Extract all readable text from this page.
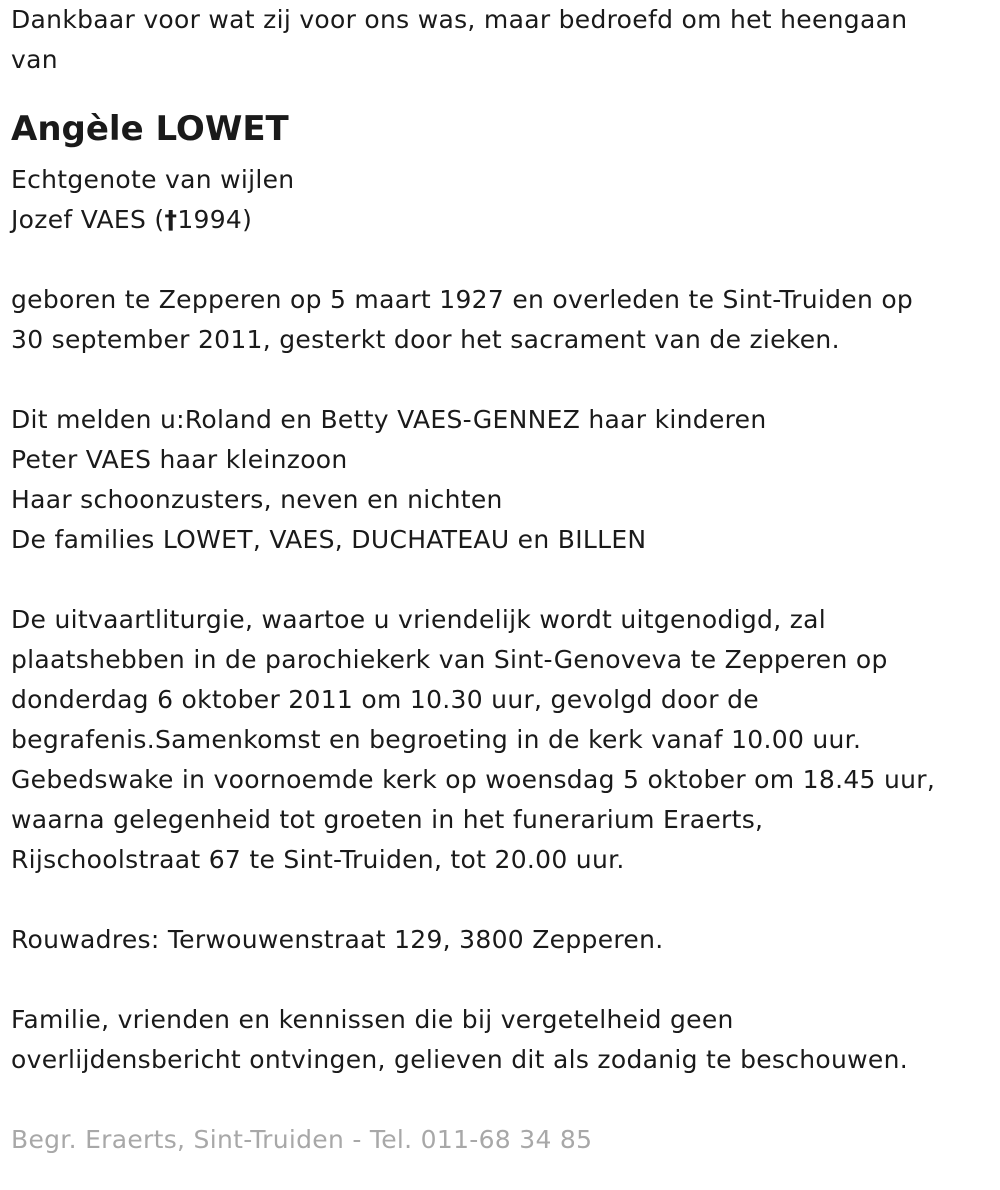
Dankbaar voor wat zij voor ons was, maar bedroefd om het heengaan
van
Angèle LOWET
Echtgenote van wijlen
Jozef VAES (†1994)
geboren te Zepperen op 5 maart 1927 en overleden te Sint-Truiden op
30 september 2011, gesterkt door het sacrament van de zieken.
Dit melden u:Roland en Betty VAES-GENNEZ haar kinderen
Peter VAES haar kleinzoon
Haar schoonzusters, neven en nichten
De families LOWET, VAES, DUCHATEAU en BILLEN
De uitvaartliturgie, waartoe u vriendelijk wordt uitgenodigd, zal
plaatshebben in de parochiekerk van Sint-Genoveva te Zepperen op
donderdag 6 oktober 2011 om 10.30 uur, gevolgd door de
begrafenis.Samenkomst en begroeting in de kerk vanaf 10.00 uur.
Gebedswake in voornoemde kerk op woensdag 5 oktober om 18.45 uur,
waarna gelegenheid tot groeten in het funerarium Eraerts,
Rijschoolstraat 67 te Sint-Truiden, tot 20.00 uur.
Rouwadres: Terwouwenstraat 129, 3800 Zepperen.
Familie, vrienden en kennissen die bij vergetelheid geen
overlijdensbericht ontvingen, gelieven dit als zodanig te beschouwen.
Begr. Eraerts, Sint-Truiden - Tel. 011-68 34 85
